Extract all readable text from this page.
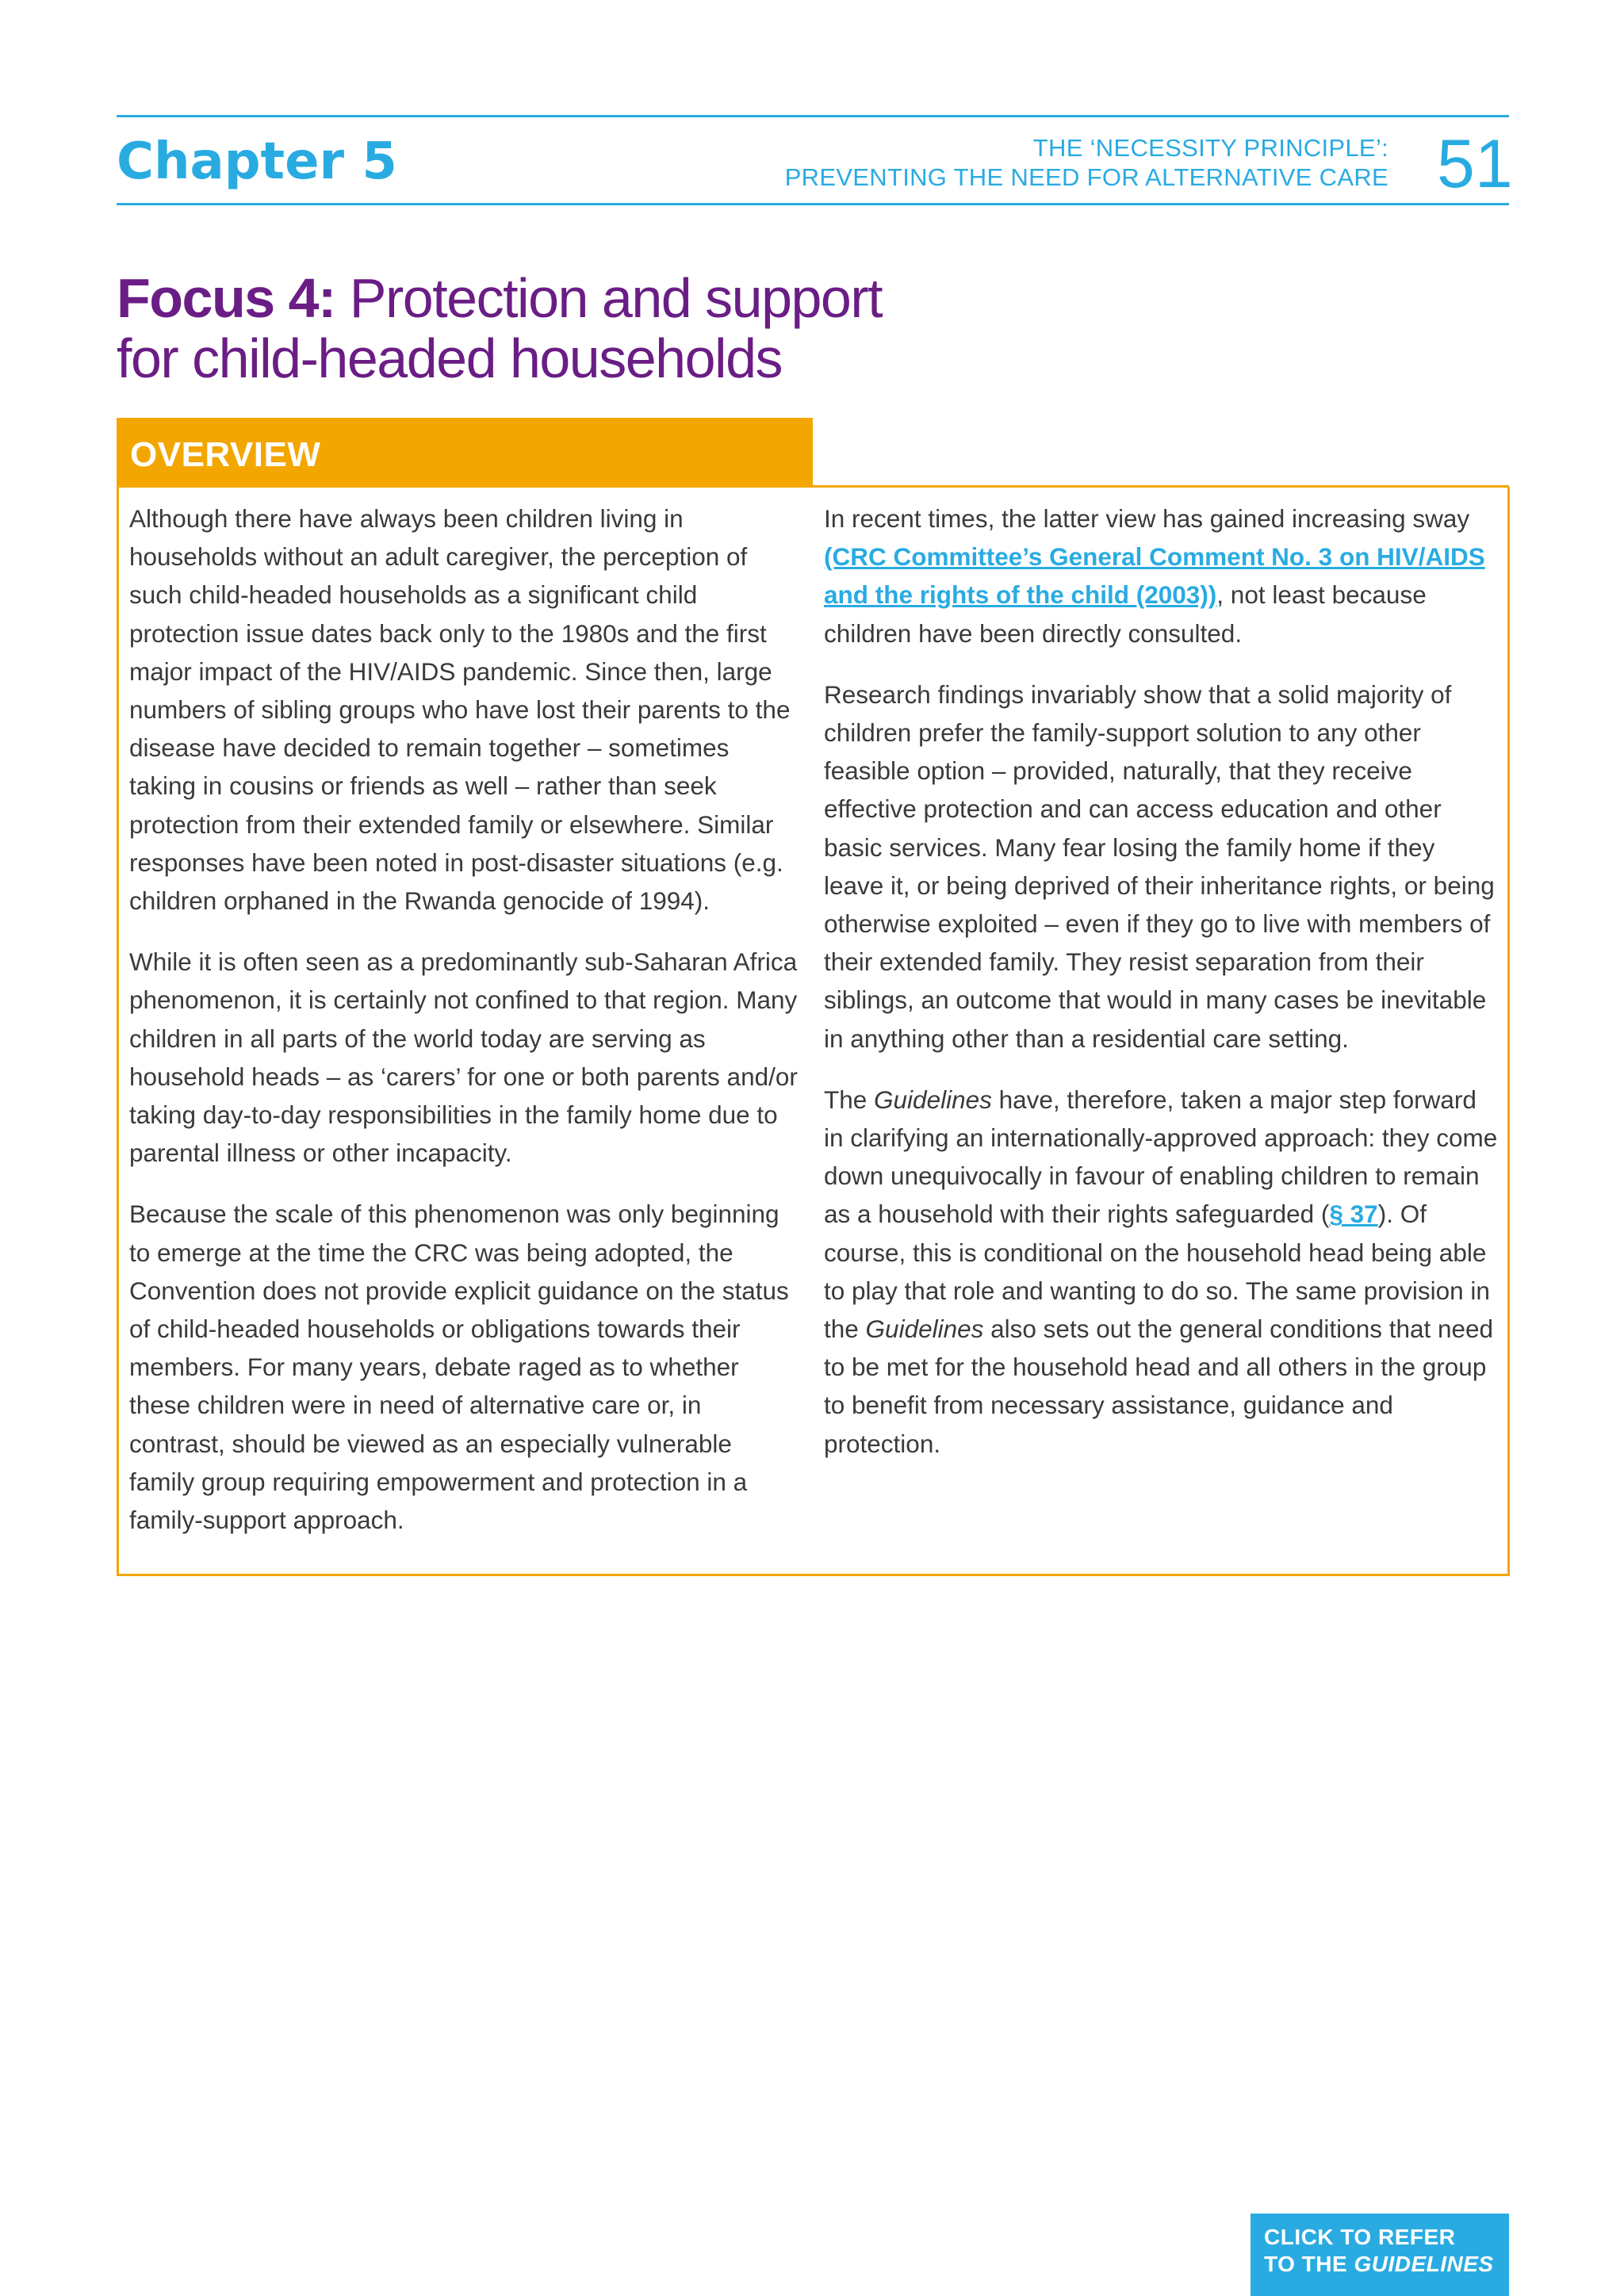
Chapter 5	THE ‘NECESSITY PRINCIPLE’:
PREVENTING THE NEED FOR ALTERNATIVE CARE 51
Focus 4: Protection and support
for child-headed households
OVERVIEW

Although there have always been children living in households without an adult caregiver, the perception of such child-headed households as a significant child protection issue dates back only to the 1980s and the first major impact of the HIV/AIDS pandemic. Since then, large numbers of sibling groups who have lost their parents to the disease have decided to remain together – sometimes taking in cousins or friends as well – rather than seek protection from their extended family or elsewhere. Similar responses have been noted in post-disaster situations (e.g. children orphaned in the Rwanda genocide of 1994).

While it is often seen as a predominantly sub-Saharan Africa phenomenon, it is certainly not confined to that region. Many children in all parts of the world today are serving as household heads – as ‘carers’ for one or both parents and/or taking day-to-day responsibilities in the family home due to parental illness or other incapacity.

Because the scale of this phenomenon was only beginning to emerge at the time the CRC was being adopted, the Convention does not provide explicit guidance on the status of child-headed households or obligations towards their members. For many years, debate raged as to whether these children were in need of alternative care or, in contrast, should be viewed as an especially vulnerable family group requiring empowerment and protection in a family-support approach.

In recent times, the latter view has gained increasing sway (CRC Committee’s General Comment No. 3 on HIV/AIDS and the rights of the child (2003)), not least because children have been directly consulted.

Research findings invariably show that a solid majority of children prefer the family-support solution to any other feasible option – provided, naturally, that they receive effective protection and can access education and other basic services. Many fear losing the family home if they leave it, or being deprived of their inheritance rights, or being otherwise exploited – even if they go to live with members of their extended family. They resist separation from their siblings, an outcome that would in many cases be inevitable in anything other than a residential care setting.

The Guidelines have, therefore, taken a major step forward in clarifying an internationally-approved approach: they come down unequivocally in favour of enabling children to remain as a household with their rights safeguarded (§ 37). Of course, this is conditional on the household head being able to play that role and wanting to do so. The same provision in the Guidelines also sets out the general conditions that need to be met for the household head and all others in the group to benefit from necessary assistance, guidance and protection.

CLICK TO REFER
TO THE GUIDELINES
